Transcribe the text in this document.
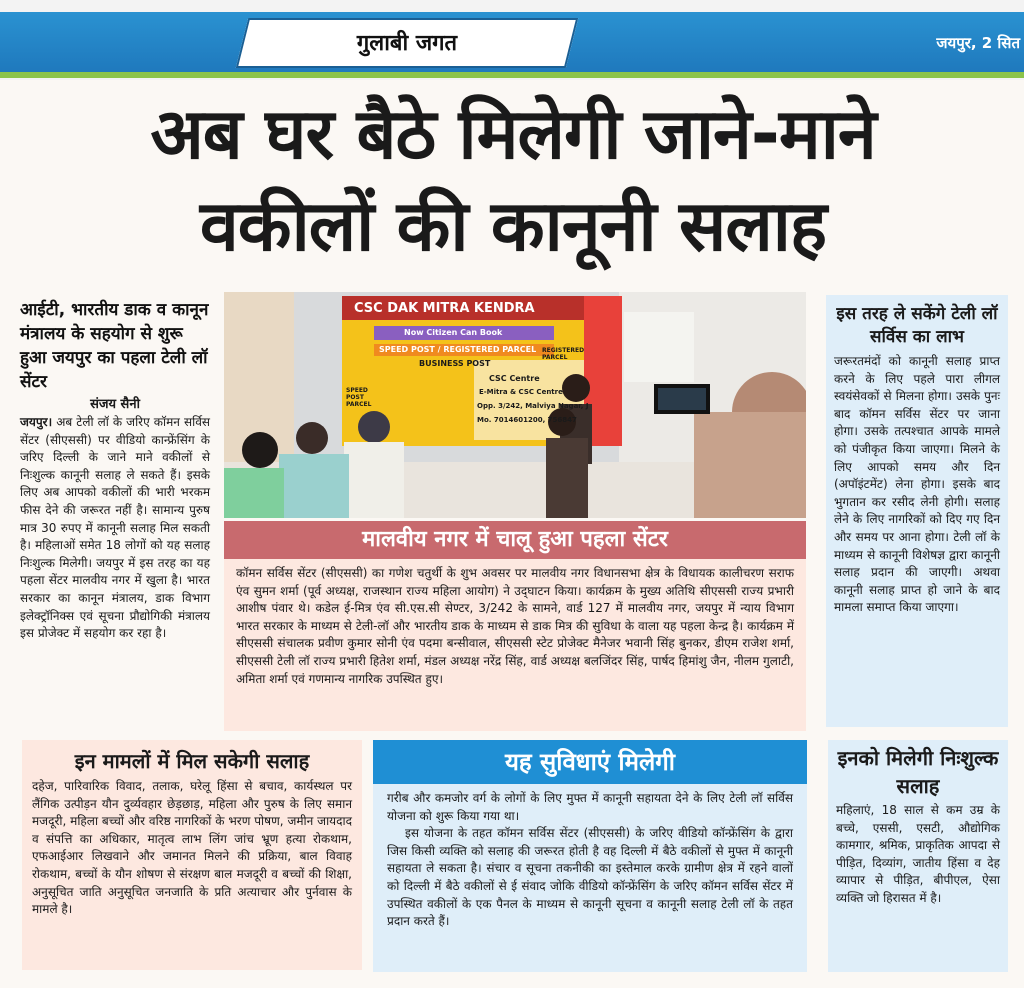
गुलाबी जगत	जयपुर, 2 सित
अब घर बैठे मिलेगी जाने-माने
वकीलों की कानूनी सलाह
आईटी, भारतीय डाक व कानून मंत्रालय के सहयोग से शुरू हुआ जयपुर का पहला टेली लॉ सेंटर
संजय सैनी
जयपुर। अब टेली लॉ के जरिए कॉमन सर्विस सेंटर (सीएससी) पर वीडियो कान्फ्रेंसिंग के जरिए दिल्ली के जाने माने वकीलों से निःशुल्क कानूनी सलाह ले सकते हैं। इसके लिए अब आपको वकीलों की भारी भरकम फीस देने की जरूरत नहीं है। सामान्य पुरुष मात्र 30 रुपए में कानूनी सलाह मिल सकती है। महिलाओं समेत 18 लोगों को यह सलाह निःशुल्क मिलेगी। जयपुर में इस तरह का यह पहला सेंटर मालवीय नगर में खुला है। भारत सरकार का कानून मंत्रालय, डाक विभाग इलेक्ट्रॉनिक्स एवं सूचना प्रौद्योगिकी मंत्रालय इस प्रोजेक्ट में सहयोग कर रहा है।
CSC DAK MITRA KENDRA
Now Citizen Can Book
SPEED POST / REGISTERED PARCEL
BUSINESS POST
CSC Centre
E-Mitra & CSC Centre
Opp. 3/242, Malviya Nagar, J
Mo. 7014601200, 756847
SPEED POST PARCEL
REGISTERED PARCEL
मालवीय नगर में चालू हुआ पहला सेंटर
कॉमन सर्विस सेंटर (सीएससी) का गणेश चतुर्थी के शुभ अवसर पर मालवीय नगर विधानसभा क्षेत्र के विधायक कालीचरण सराफ एंव सुमन शर्मा (पूर्व अध्यक्ष, राजस्थान राज्य महिला आयोग) ने उद्‌घाटन किया। कार्यक्रम के मुख्य अतिथि सीएससी राज्य प्रभारी आशीष पंवार थे। कडेल ई-मित्र एंव सी.एस.सी सेण्टर, 3/242 के सामने, वार्ड 127 में मालवीय नगर, जयपुर में न्याय विभाग भारत सरकार के माध्यम से टेली-लॉ और भारतीय डाक के माध्यम से डाक मित्र की सुविधा के वाला यह पहला केन्द्र है। कार्यक्रम में सीएससी संचालक प्रवीण कुमार सोनी एंव पदमा बन्सीवाल, सीएससी स्टेट प्रोजेक्ट मैनेजर भवानी सिंह बुनकर, डीएम राजेश शर्मा, सीएससी टेली लॉ राज्य प्रभारी हितेश शर्मा, मंडल अध्यक्ष नरेंद्र सिंह, वार्ड अध्यक्ष बलजिंदर सिंह, पार्षद हिमांशु जैन, नीलम गुलाटी, अमिता शर्मा एवं गणमान्य नागरिक उपस्थित हुए।
इस तरह ले सकेंगे टेली लॉ सर्विस का लाभ
जरूरतमंदों को कानूनी सलाह प्राप्त करने के लिए पहले पारा लीगल स्वयंसेवकों से मिलना होगा। उसके पुनः बाद कॉमन सर्विस सेंटर पर जाना होगा। उसके तत्पश्चात आपके मामले को पंजीकृत किया जाएगा। मिलने के लिए आपको समय और दिन (अपॉइंटमेंट) लेना होगा। इसके बाद भुगतान कर रसीद लेनी होगी। सलाह लेने के लिए नागरिकों को दिए गए दिन और समय पर आना होगा। टेली लॉ के माध्यम से कानूनी विशेषज्ञ द्वारा कानूनी सलाह प्रदान की जाएगी। अथवा कानूनी सलाह प्राप्त हो जाने के बाद मामला समाप्त किया जाएगा।
इन मामलों में मिल सकेगी सलाह
दहेज, पारिवारिक विवाद, तलाक, घरेलू हिंसा से बचाव, कार्यस्थल पर लैंगिक उत्पीड़न यौन दुर्व्यवहार छेड़छाड़, महिला और पुरुष के लिए समान मजदूरी, महिला बच्चों और वरिष्ठ नागरिकों के भरण पोषण, जमीन जायदाद व संपत्ति का अधिकार, मातृत्व लाभ लिंग जांच भ्रूण हत्या रोकथाम, एफआईआर लिखवाने और जमानत मिलने की प्रक्रिया, बाल विवाह रोकथाम, बच्चों के यौन शोषण से संरक्षण बाल मजदूरी व बच्चों की शिक्षा, अनुसूचित जाति अनुसूचित जनजाति के प्रति अत्याचार और पुर्नवास के मामले है।
यह सुविधाएं मिलेगी
गरीब और कमजोर वर्ग के लोगों के लिए मुफ्त में कानूनी सहायता देने के लिए टेली लॉ सर्विस योजना को शुरू किया गया था।
इस योजना के तहत कॉमन सर्विस सेंटर (सीएससी) के जरिए वीडियो कॉन्फ्रेंसिंग के द्वारा जिस किसी व्यक्ति को सलाह की जरूरत होती है वह दिल्ली में बैठे वकीलों से मुफ्त में कानूनी सहायता ले सकता है। संचार व सूचना तकनीकी का इस्तेमाल करके ग्रामीण क्षेत्र में रहने वालों को दिल्ली में बैठे वकीलों से ई संवाद जोकि वीडियो कॉन्फ्रेंसिंग के जरिए कॉमन सर्विस सेंटर में उपस्थित वकीलों के एक पैनल के माध्यम से कानूनी सूचना व कानूनी सलाह टेली लॉ के तहत प्रदान करते हैं।
इनको मिलेगी निःशुल्क सलाह
महिलाएं, 18 साल से कम उम्र के बच्चे, एससी, एसटी, औद्योगिक कामगार, श्रमिक, प्राकृतिक आपदा से पीड़ित, दिव्यांग, जातीय हिंसा व देह व्यापार से पीड़ित, बीपीएल, ऐसा व्यक्ति जो हिरासत में है।
